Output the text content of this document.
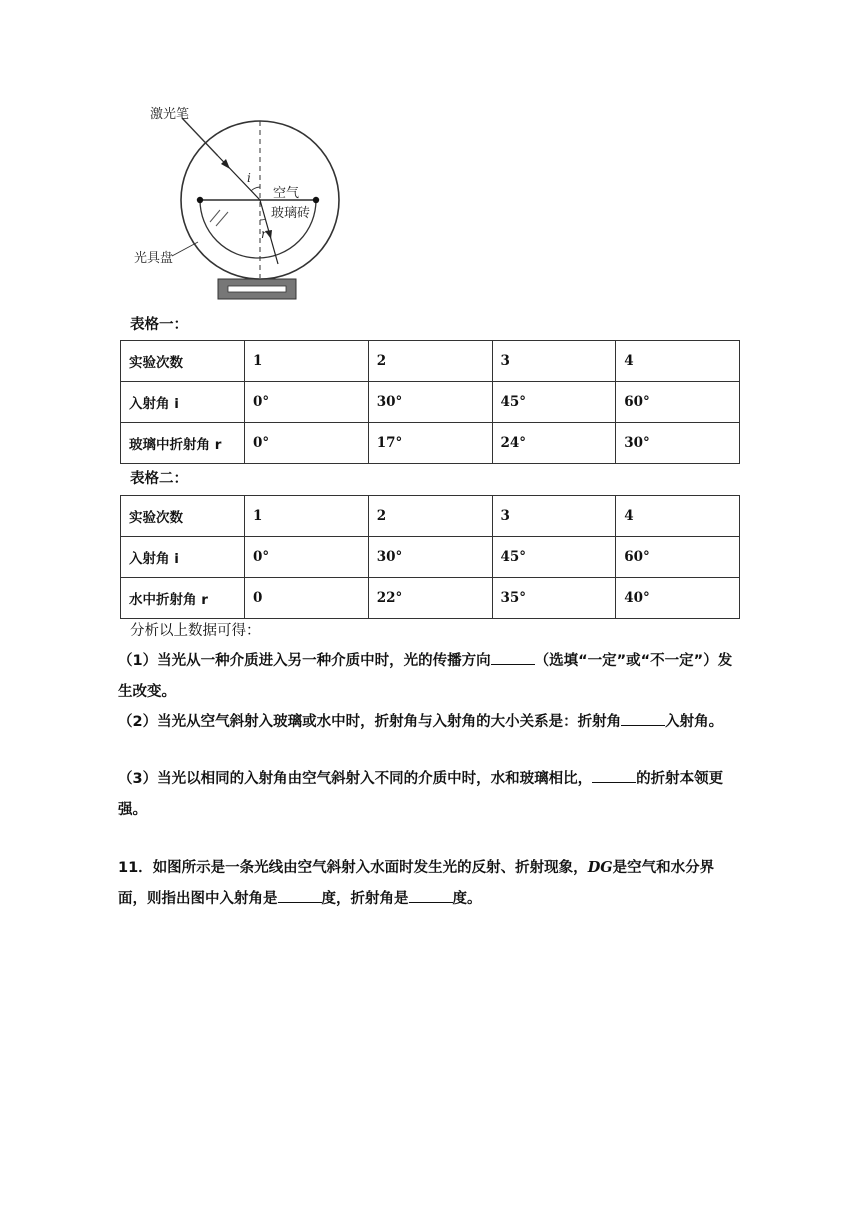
激光笔
空气
玻璃砖
光具盘
i
r
表格一：
实验次数	1	2	3	4
入射角 i	0°	30°	45°	60°
玻璃中折射角 r	0°	17°	24°	30°
表格二：
实验次数	1	2	3	4
入射角 i	0°	30°	45°	60°
水中折射角 r	0	22°	35°	40°
分析以上数据可得：
（1）当光从一种介质进入另一种介质中时，光的传播方向	（选填“一定”或“不一定”）发生改变。
（2）当光从空气斜射入玻璃或水中时，折射角与入射角的大小关系是：折射角	入射角。
（3）当光以相同的入射角由空气斜射入不同的介质中时，水和玻璃相比，	的折射本领更强。
11．如图所示是一条光线由空气斜射入水面时发生光的反射、折射现象，DG是空气和水分界面，则指出图中入射角是	度，折射角是	度。
